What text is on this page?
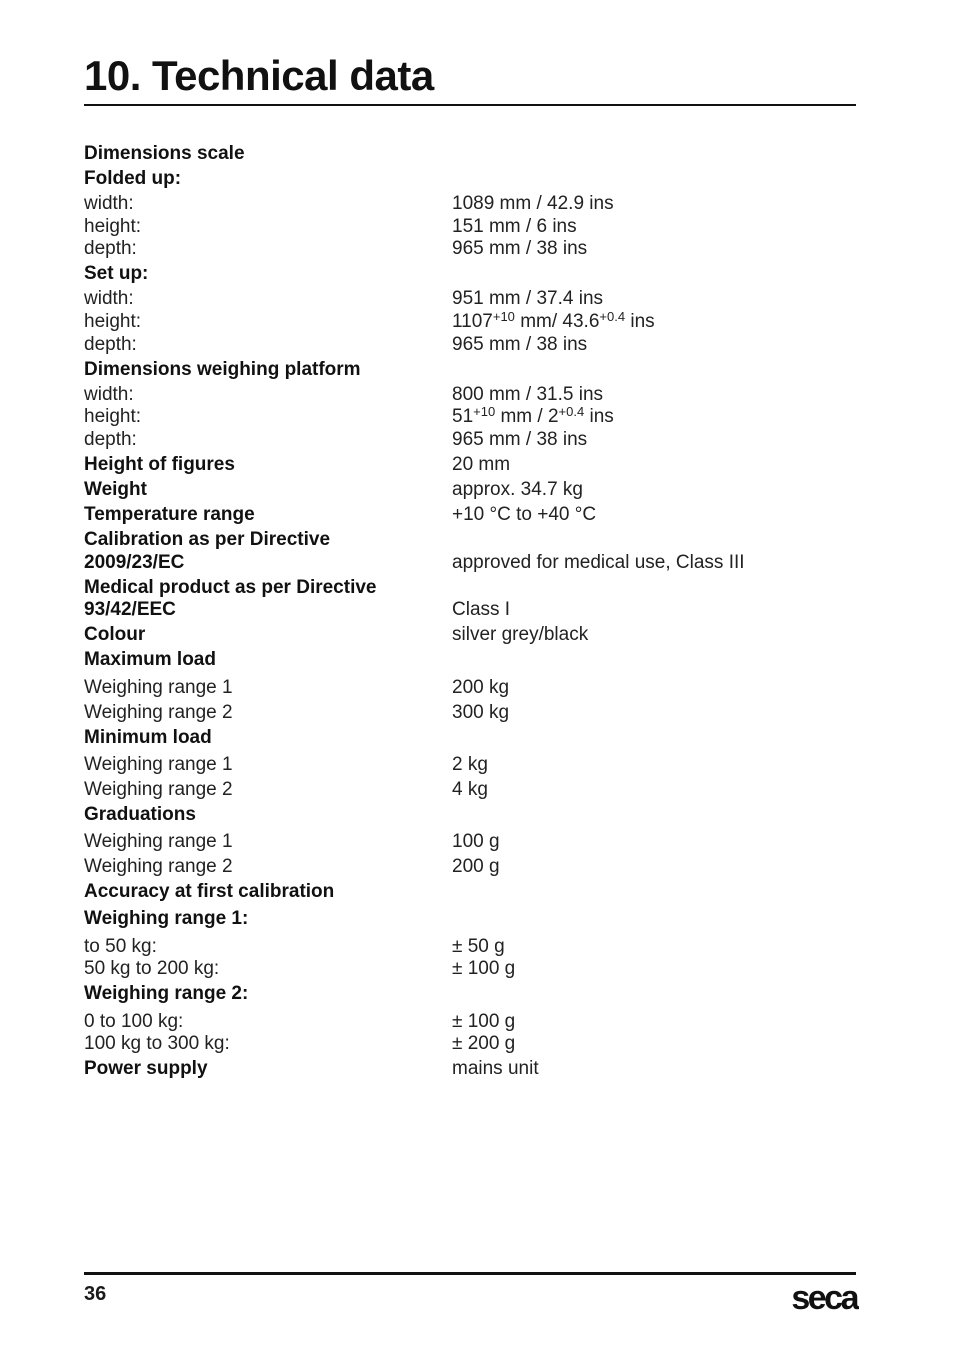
10. Technical data
Dimensions scale
Folded up:
width:	1089 mm / 42.9 ins
height:	151 mm / 6 ins
depth:	965 mm / 38 ins
Set up:
width:	951 mm / 37.4 ins
height:	$1107^{+10}$ mm/ $43.6^{+0.4}$ ins
depth:	965 mm / 38 ins
Dimensions weighing platform
width:	800 mm / 31.5 ins
height:	$51^{+10}$ mm / $2^{+0.4}$ ins
depth:	965 mm / 38 ins
Height of figures	20 mm
Weight	approx. 34.7 kg
Temperature range	+10 °C to +40 °C
Calibration as per Directive
2009/23/EC	approved for medical use, Class III
Medical product as per Directive
93/42/EEC	Class I
Colour	silver grey/black
Maximum load
Weighing range 1	200 kg
Weighing range 2	300 kg
Minimum load
Weighing range 1	2 kg
Weighing range 2	4 kg
Graduations
Weighing range 1	100 g
Weighing range 2	200 g
Accuracy at first calibration
Weighing range 1:
to 50 kg:	± 50 g
50 kg to 200 kg:	± 100 g
Weighing range 2:
0 to 100 kg:	± 100 g
100 kg to 300 kg:	± 200 g
Power supply	mains unit
36	seca
